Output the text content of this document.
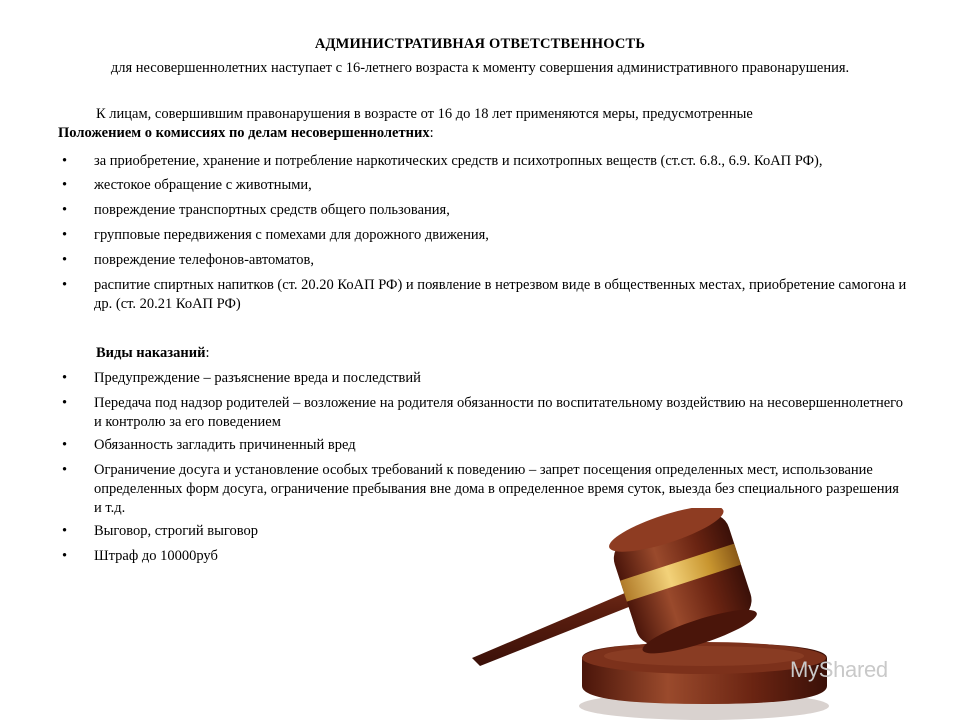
АДМИНИСТРАТИВНАЯ ОТВЕТСТВЕННОСТЬ
для несовершеннолетних наступает с 16-летнего возраста к моменту совершения административного правонарушения.
К лицам, совершившим правонарушения в возрасте от 16 до 18 лет применяются меры, предусмотренные
Положением о комиссиях по делам несовершеннолетних:
• за приобретение, хранение и потребление наркотических средств и психотропных веществ (ст.ст. 6.8., 6.9. КоАП РФ),
• жестокое обращение с животными,
• повреждение транспортных средств общего пользования,
• групповые передвижения с помехами для дорожного движения,
• повреждение телефонов-автоматов,
• распитие спиртных напитков (ст. 20.20 КоАП РФ) и появление в нетрезвом виде в общественных местах, приобретение самогона и др. (ст. 20.21 КоАП РФ)
Виды наказаний:
• Предупреждение – разъяснение вреда и последствий
• Передача под надзор родителей – возложение на родителя обязанности по воспитательному воздействию на несовершеннолетнего и контролю за его поведением
• Обязанность загладить причиненный вред
• Ограничение досуга и установление особых требований к поведению – запрет посещения определенных мест, использование определенных форм досуга, ограничение пребывания вне дома в определенное время суток, выезда без специального разрешения и т.д.
• Выговор, строгий выговор
• Штраф до 10000руб
MyShared
